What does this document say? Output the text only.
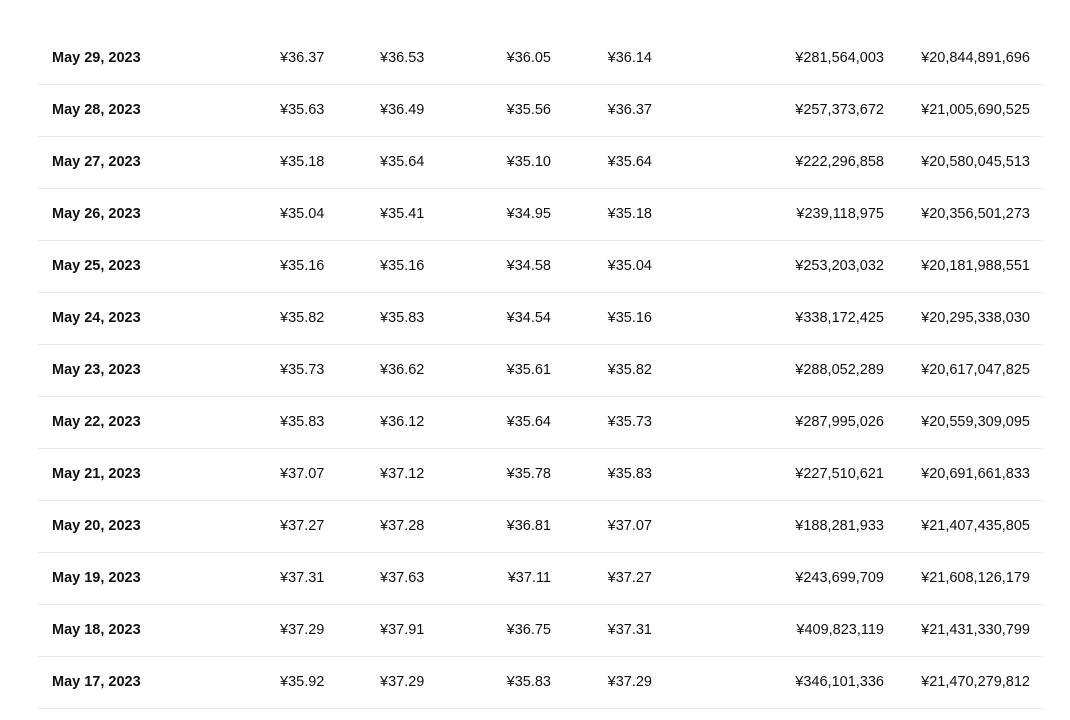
May 29, 2023	¥36.37	¥36.53	¥36.05	¥36.14	¥281,564,003	¥20,844,891,696
May 28, 2023	¥35.63	¥36.49	¥35.56	¥36.37	¥257,373,672	¥21,005,690,525
May 27, 2023	¥35.18	¥35.64	¥35.10	¥35.64	¥222,296,858	¥20,580,045,513
May 26, 2023	¥35.04	¥35.41	¥34.95	¥35.18	¥239,118,975	¥20,356,501,273
May 25, 2023	¥35.16	¥35.16	¥34.58	¥35.04	¥253,203,032	¥20,181,988,551
May 24, 2023	¥35.82	¥35.83	¥34.54	¥35.16	¥338,172,425	¥20,295,338,030
May 23, 2023	¥35.73	¥36.62	¥35.61	¥35.82	¥288,052,289	¥20,617,047,825
May 22, 2023	¥35.83	¥36.12	¥35.64	¥35.73	¥287,995,026	¥20,559,309,095
May 21, 2023	¥37.07	¥37.12	¥35.78	¥35.83	¥227,510,621	¥20,691,661,833
May 20, 2023	¥37.27	¥37.28	¥36.81	¥37.07	¥188,281,933	¥21,407,435,805
May 19, 2023	¥37.31	¥37.63	¥37.11	¥37.27	¥243,699,709	¥21,608,126,179
May 18, 2023	¥37.29	¥37.91	¥36.75	¥37.31	¥409,823,119	¥21,431,330,799
May 17, 2023	¥35.92	¥37.29	¥35.83	¥37.29	¥346,101,336	¥21,470,279,812
